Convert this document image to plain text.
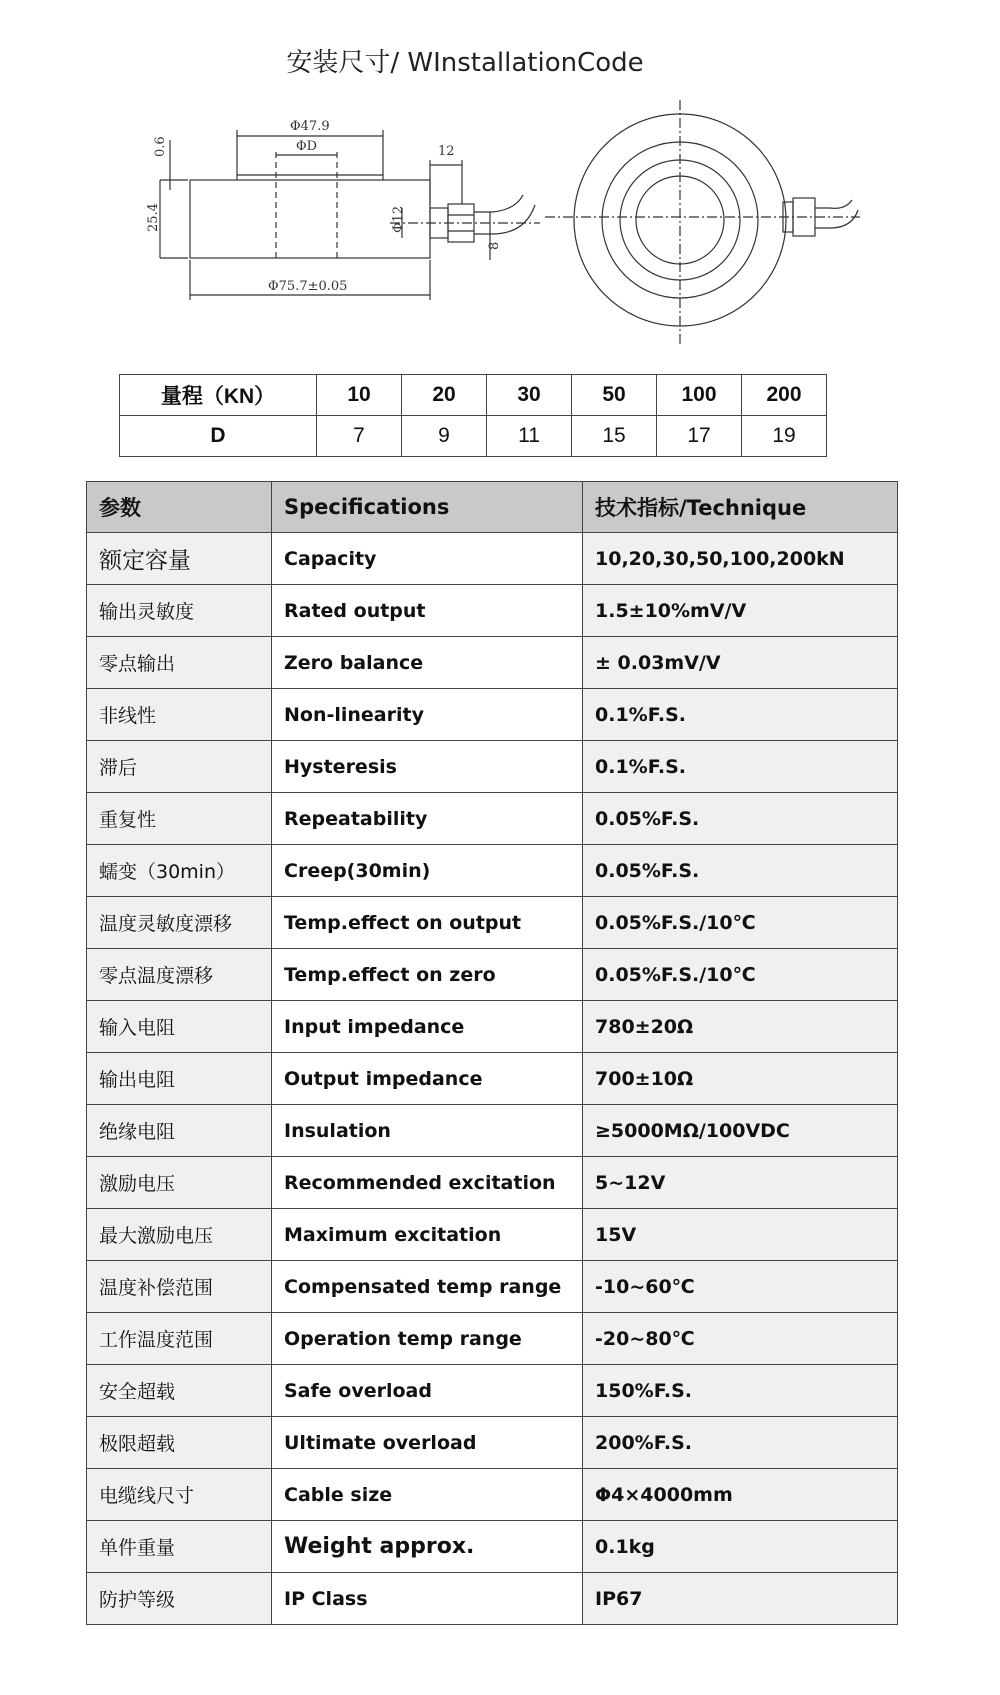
安装尺寸/ WInstallationCode
Φ47.9
ΦD	12
0.6
25.4	Φ12
8
Φ75.7±0.05
量程（KN）	10	20	30	50	100	200
D	7	9	11	15	17	19
参数	Specifications	技术指标/Technique
额定容量	Capacity	10,20,30,50,100,200kN
输出灵敏度	Rated output	1.5±10%mV/V
零点输出	Zero balance	± 0.03mV/V
非线性	Non-linearity	0.1%F.S.
滞后	Hysteresis	0.1%F.S.
重复性	Repeatability	0.05%F.S.
蠕变（30min）	Creep(30min)	0.05%F.S.
温度灵敏度漂移	Temp.effect on output	0.05%F.S./10℃
零点温度漂移	Temp.effect on zero	0.05%F.S./10℃
输入电阻	Input impedance	780±20Ω
输出电阻	Output impedance	700±10Ω
绝缘电阻	Insulation	≥5000MΩ/100VDC
激励电压	Recommended excitation	5~12V
最大激励电压	Maximum excitation	15V
温度补偿范围	Compensated temp range	-10~60℃
工作温度范围	Operation temp range	-20~80℃
安全超载	Safe overload	150%F.S.
极限超载	Ultimate overload	200%F.S.
电缆线尺寸	Cable size	Φ4×4000mm
单件重量	Weight approx.	0.1kg
防护等级	IP Class	IP67
